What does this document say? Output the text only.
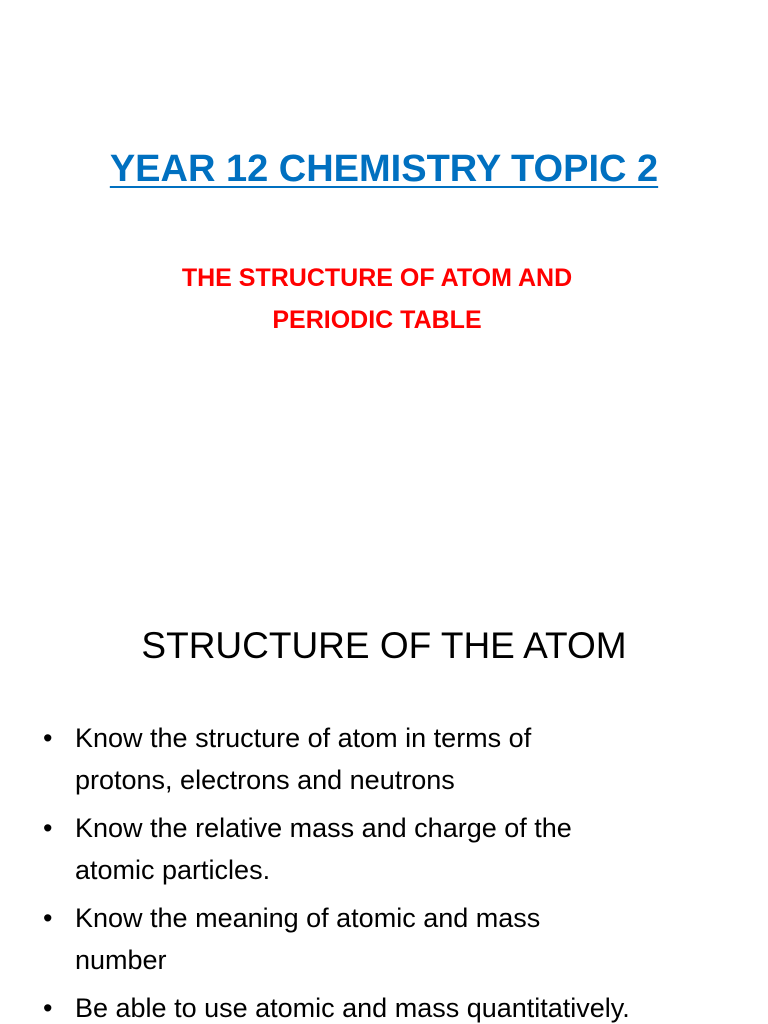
YEAR 12 CHEMISTRY TOPIC 2
THE STRUCTURE OF ATOM AND
PERIODIC TABLE
STRUCTURE OF THE ATOM
• Know the structure of atom in terms of
protons, electrons and neutrons
• Know the relative mass and charge of the
atomic particles.
• Know the meaning of atomic and mass
number
• Be able to use atomic and mass quantitatively.
